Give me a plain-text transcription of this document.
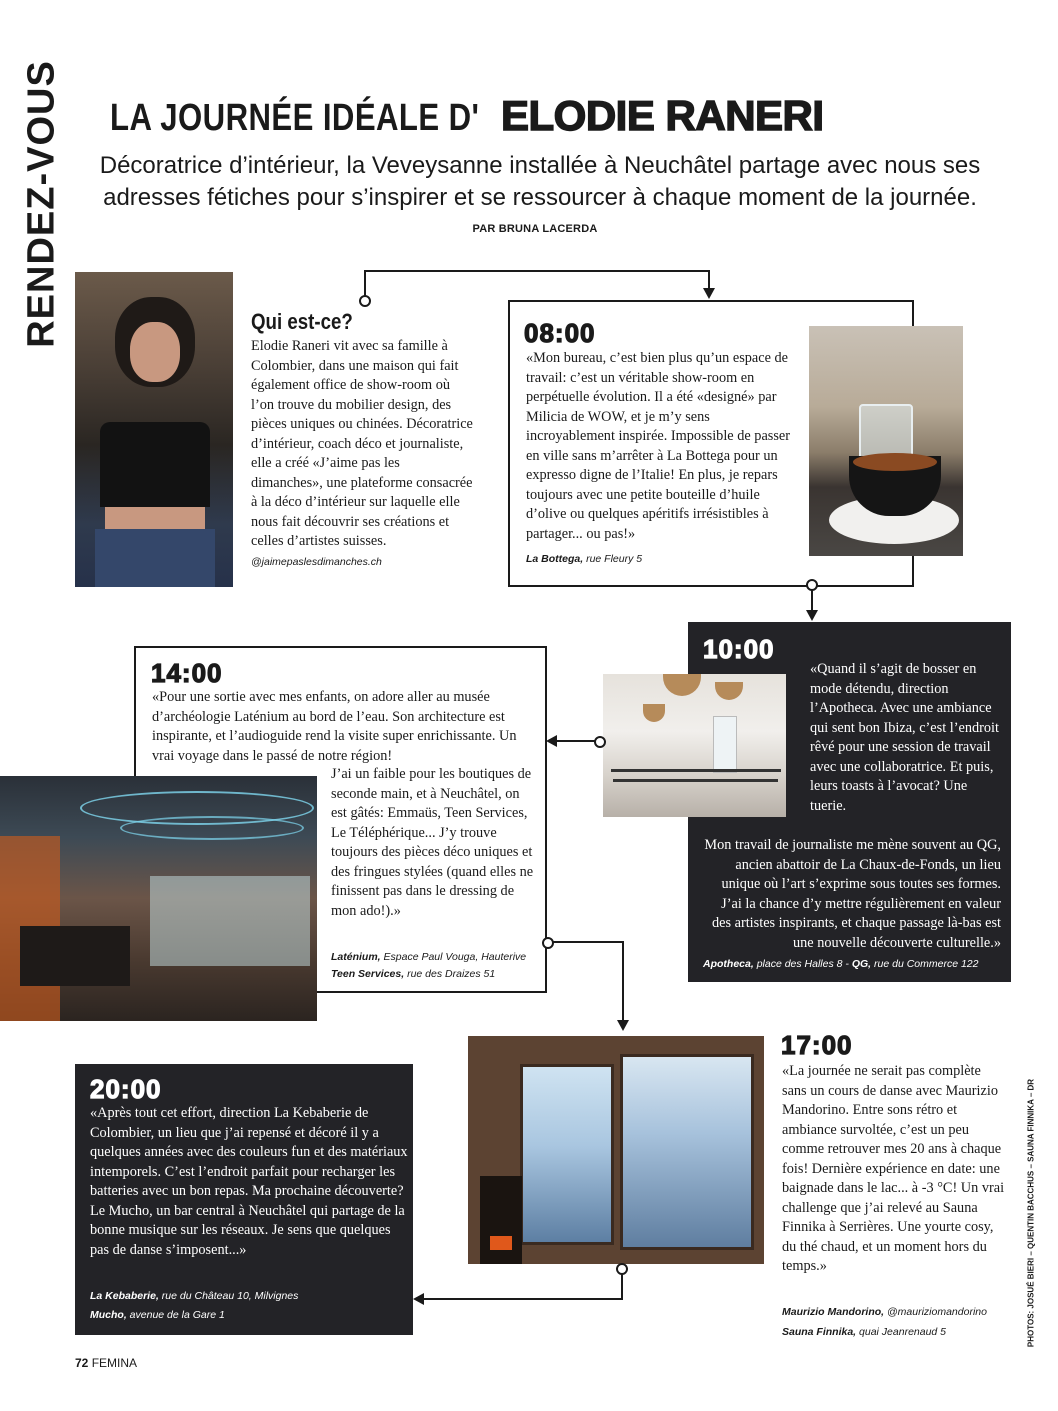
RENDEZ-VOUS LA JOURNÉE IDÉALE D' ELODIE RANERI
Décoratrice d’intérieur, la Veveysanne installée à Neuchâtel partage avec nous ses adresses fétiches pour s’inspirer et se ressourcer à chaque moment de la journée.
PAR BRUNA LACERDA
Qui est-ce?
Elodie Raneri vit avec sa famille à Colombier, dans une maison qui fait également office de show-room où l’on trouve du mobilier design, des pièces uniques ou chinées. Décoratrice d’intérieur, coach déco et journaliste, elle a créé «J’aime pas les dimanches», une plateforme consacrée à la déco d’intérieur sur laquelle elle nous fait découvrir ses créations et celles d’artistes suisses.
@jaimepaslesdimanches.ch
08:00
«Mon bureau, c’est bien plus qu’un espace de travail: c’est un véritable show-room en perpétuelle évolution. Il a été «designé» par Milicia de WOW, et je m’y sens incroyablement inspirée. Impossible de passer en ville sans m’arrêter à La Bottega pour un expresso digne de l’Italie! En plus, je repars toujours avec une petite bouteille d’huile d’olive ou quelques apéritifs irrésistibles à partager... ou pas!»
La Bottega, rue Fleury 5
10:00
«Quand il s’agit de bosser en mode détendu, direction l’Apotheca. Avec une ambiance qui sent bon Ibiza, c’est l’endroit rêvé pour une session de travail avec une collaboratrice. Et puis, leurs toasts à l’avocat? Une tuerie.
Mon travail de journaliste me mène souvent au QG, ancien abattoir de La Chaux-de-Fonds, un lieu unique où l’art s’exprime sous toutes ses formes. J’ai la chance d’y mettre régulièrement en valeur des artistes inspirants, et chaque passage là-bas est une nouvelle découverte culturelle.»
Apotheca, place des Halles 8 - QG, rue du Commerce 122
14:00
«Pour une sortie avec mes enfants, on adore aller au musée d’archéologie Laténium au bord de l’eau. Son architecture est inspirante, et l’audioguide rend la visite super enrichissante. Un vrai voyage dans le passé de notre région!
J’ai un faible pour les boutiques de seconde main, et à Neuchâtel, on est gâtés: Emmaüs, Teen Services, Le Téléphérique... J’y trouve toujours des pièces déco uniques et des fringues stylées (quand elles ne finissent pas dans le dressing de mon ado!).»
Laténium, Espace Paul Vouga, Hauterive
Teen Services, rue des Draizes 51
17:00
«La journée ne serait pas complète sans un cours de danse avec Maurizio Mandorino. Entre sons rétro et ambiance survoltée, c’est un peu comme retrouver mes 20 ans à chaque fois! Dernière expérience en date: une baignade dans le lac... à -3 °C! Un vrai challenge que j’ai relevé au Sauna Finnika à Serrières. Une yourte cosy, du thé chaud, et un moment hors du temps.»
Maurizio Mandorino, @mauriziomandorino
Sauna Finnika, quai Jeanrenaud 5
20:00
«Après tout cet effort, direction La Kebaberie de Colombier, un lieu que j’ai repensé et décoré il y a quelques années avec des couleurs fun et des matériaux intemporels. C’est l’endroit parfait pour recharger les batteries avec un bon repas. Ma prochaine découverte? Le Mucho, un bar central à Neuchâtel qui partage de la bonne musique sur les réseaux. Je sens que quelques pas de danse s’imposent...»
La Kebaberie, rue du Château 10, Milvignes
Mucho, avenue de la Gare 1	PHOTOS: JOSUÉ BIERI – QUENTIN BACCHUS – SAUNA FINNIKA – DR
72 FEMINA
